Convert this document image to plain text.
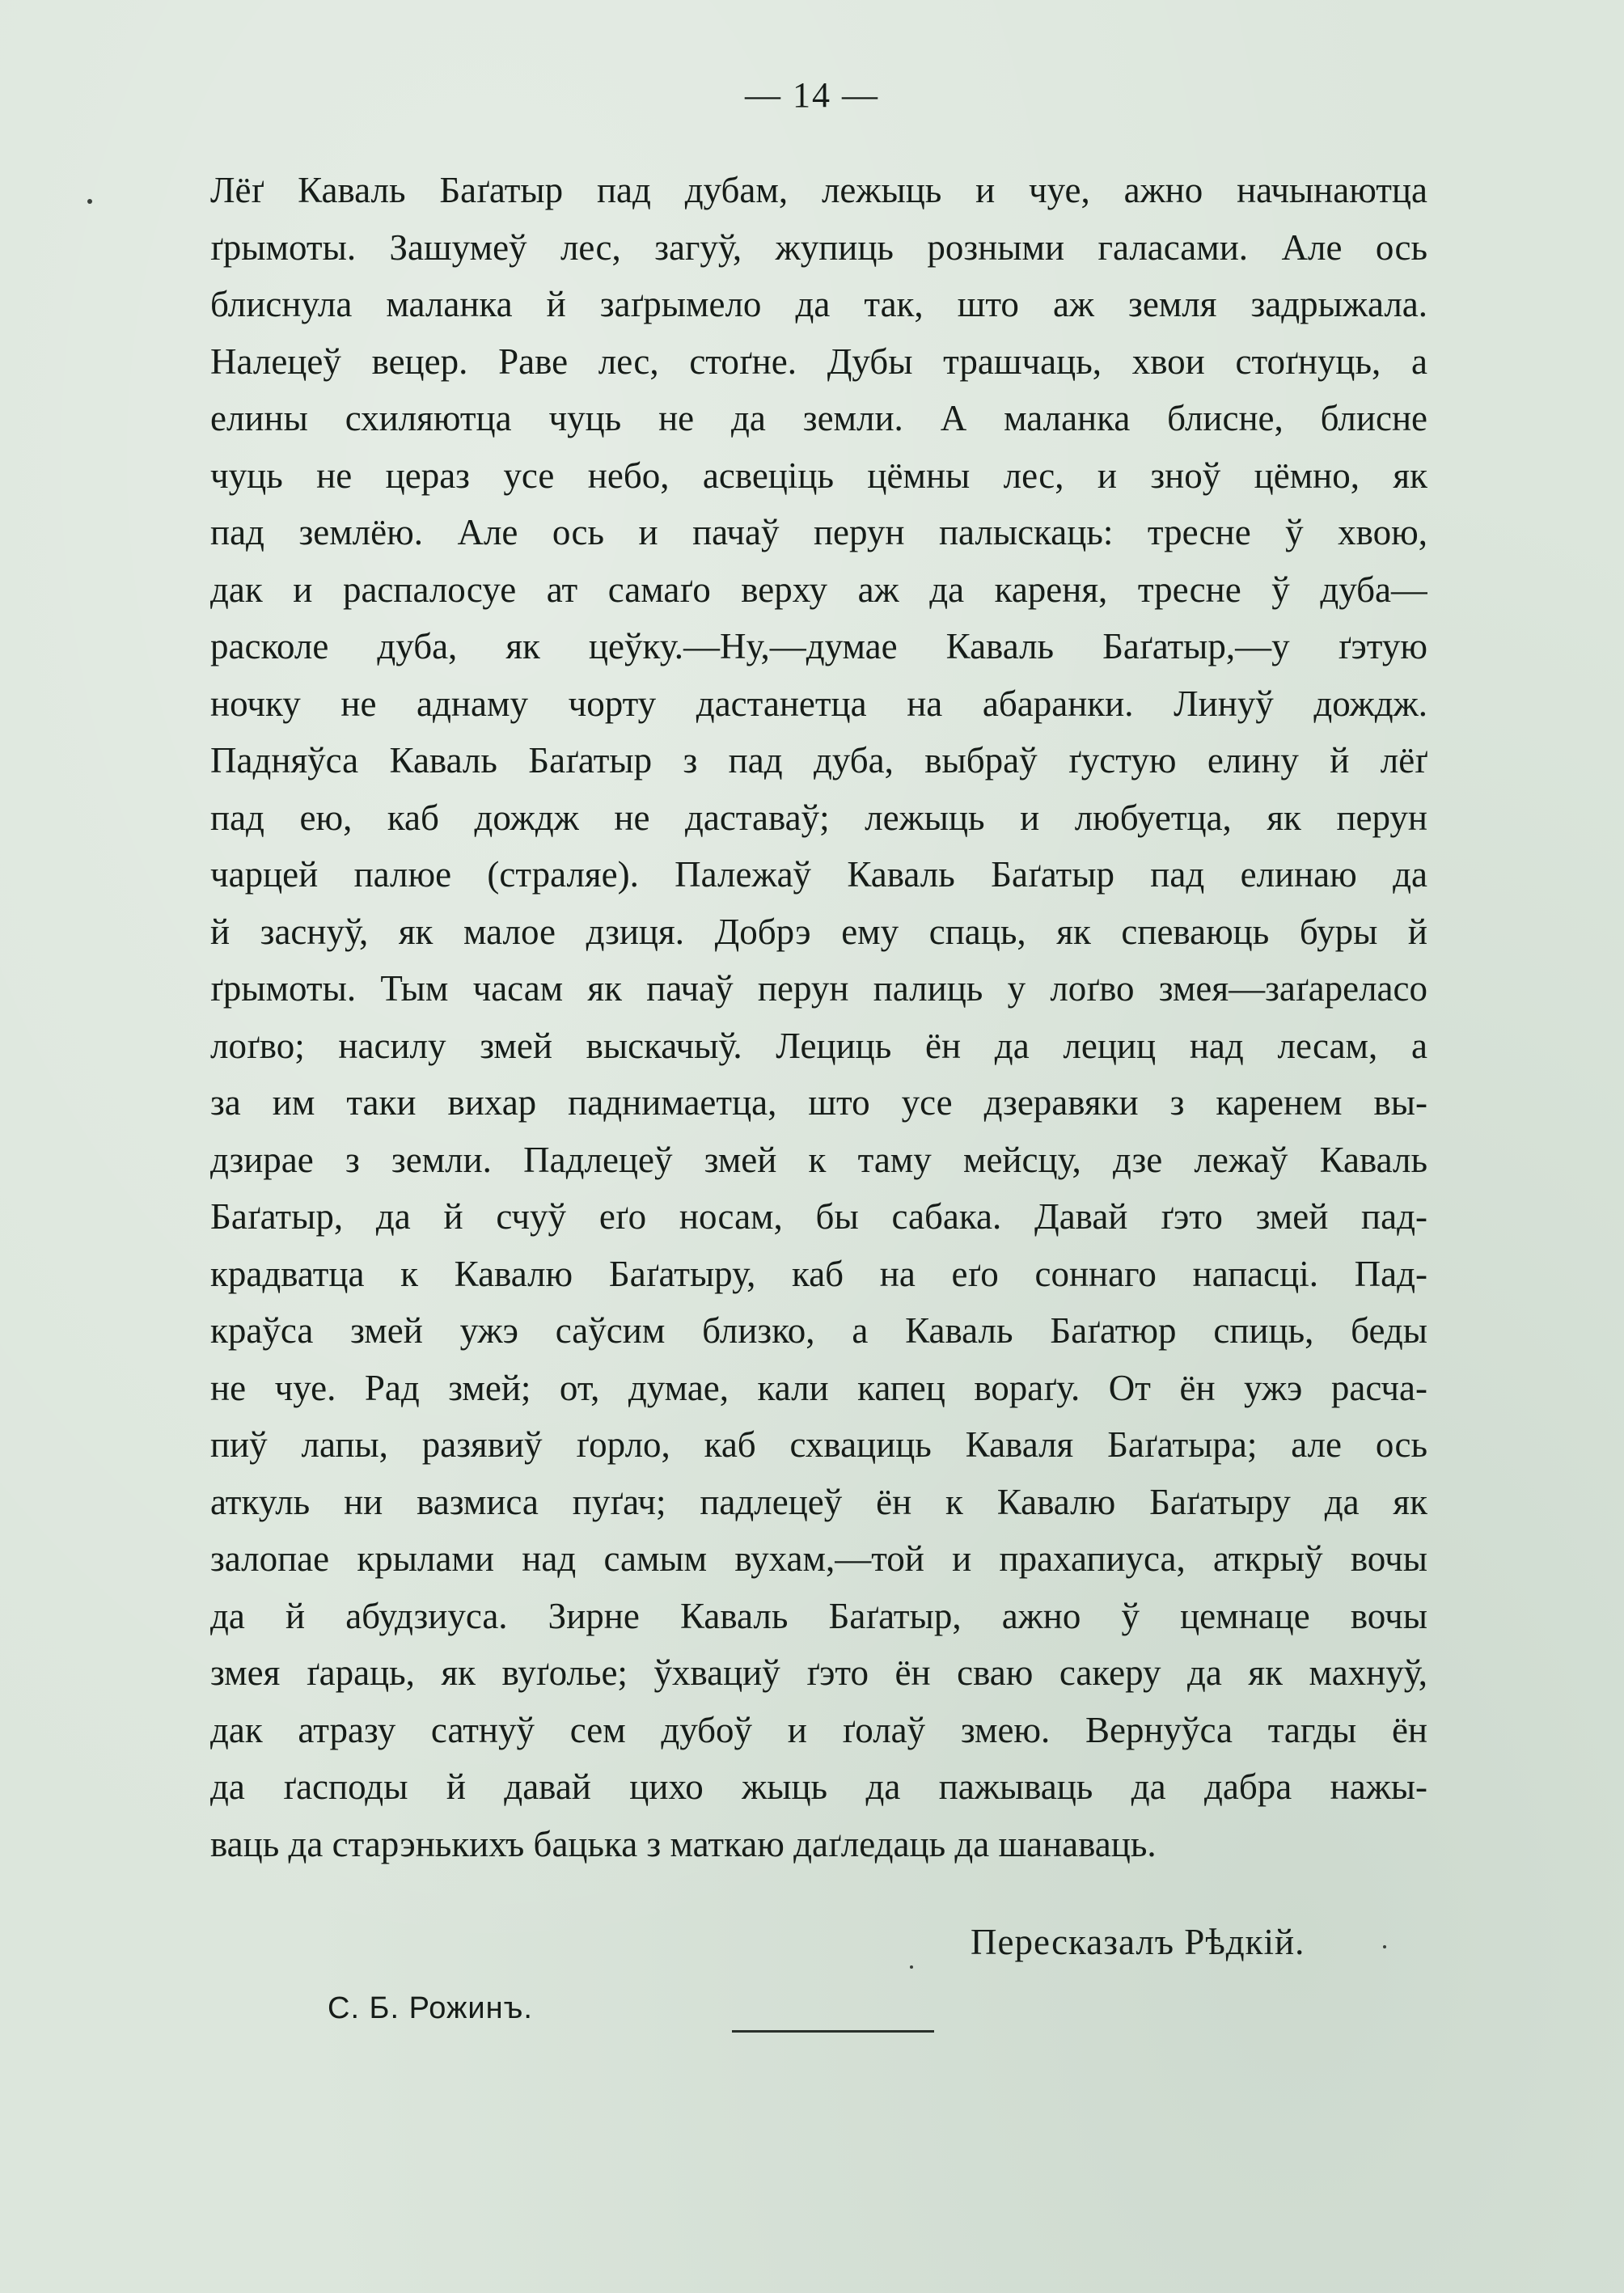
— 14 —
Лёґ Каваль Баґатыр пад дубам, лежыць и чуе, ажно начынаютца
ґрымоты. Зашумеў лес, загуў, жупиць розными галасами. Але ось
блиснула маланка й заґрымело да так, што аж земля задрыжала.
Налецеў вецер. Раве лес, стоґне. Дубы трашчаць, хвои стоґнуць, а
елины схиляютца чуць не да земли. А маланка блисне, блисне
чуць не цераз усе небо, асвецiць цёмны лес, и зноў цёмно, як
пад землёю. Але ось и пачаў перун палыскаць: тресне ў хвою,
дак и распалосуе ат самаґо верху аж да кареня, тресне ў дуба—
расколе дуба, як цеўку.—Ну,—думае Каваль Баґатыр,—у ґэтую
ночку не аднаму чорту дастанетца на абаранки. Линуў дождж.
Падняўса Каваль Баґатыр з пад дуба, выбраў ґустую елину й лёґ
пад ею, каб дождж не даставаў; лежыць и любуетца, як перун
чарцей палюе (страляе). Палежаў Каваль Баґатыр пад елинаю да
й заснуў, як малое дзиця. Добрэ ему спаць, як спеваюць буры й
ґрымоты. Тым часам як пачаў перун палиць у лоґво змея—заґареласо
лоґво; насилу змей выскачыў. Лециць ён да лециц над лесам, а
за им таки вихар паднимаетца, што усе дзеравяки з каренем вы-
дзирае з земли. Падлецеў змей к таму мейсцу, дзе лежаў Каваль
Баґатыр, да й счуў еґо носам, бы сабака. Давай ґэто змей пад-
крадватца к Кавалю Баґатыру, каб на еґо соннаго напасцi. Пад-
краўса змей ужэ саўсим близко, а Каваль Баґатюр спиць, беды
не чуе. Рад змей; от, думае, кали капец вораґу. От ён ужэ расча-
пиў лапы, разявиў ґорло, каб схвациць Каваля Баґатыра; але ось
аткуль ни вазмиса пуґач; падлецеў ён к Кавалю Баґатыру да як
залопае крылами над самым вухам,—той и прахапиуса, аткрыў вочы
да й абудзиуса. Зирне Каваль Баґатыр, ажно ў цемнаце вочы
змея ґараць, як вуґолье; ўхвациў ґэто ён сваю сакеру да як махнуў,
дак атразу сатнуў сем дубоў и ґолаў змею. Вернуўса тагды ён
да ґасподы й давай цихо жыць да пажываць да дабра нажы-
ваць да старэнькихъ бацька з маткаю даґледаць да шанаваць.
Пересказалъ Рѣдкiй.
С. Б. Рожинъ.
